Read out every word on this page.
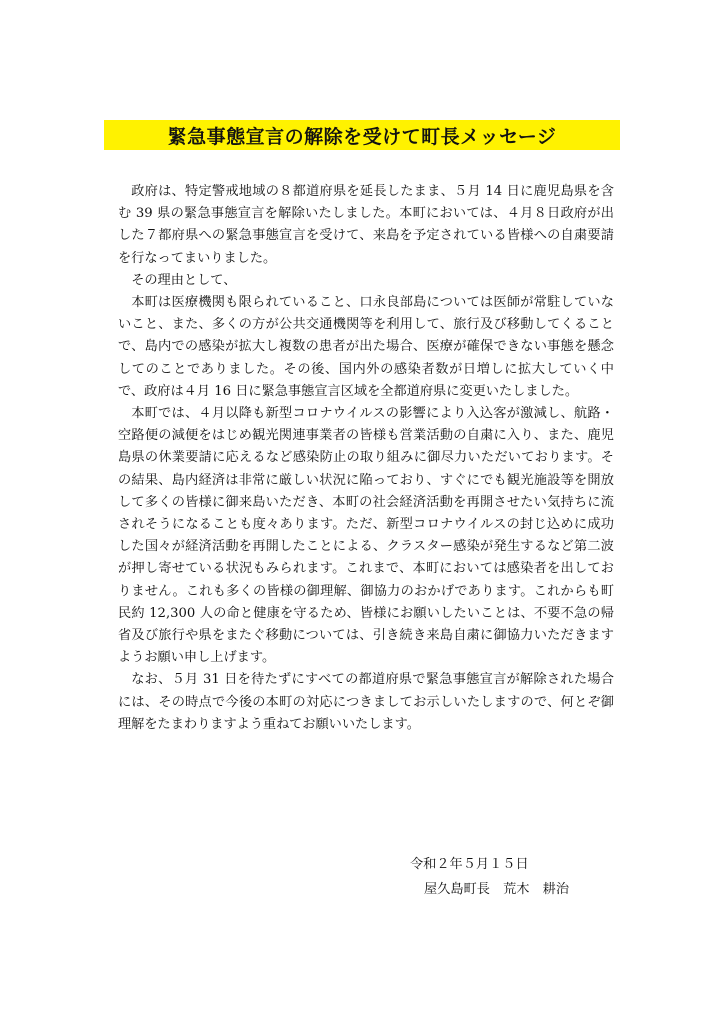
緊急事態宣言の解除を受けて町長メッセージ

政府は、特定警戒地域の８都道府県を延長したまま、５月 14 日に鹿児島県を含む 39 県の緊急事態宣言を解除いたしました。本町においては、４月８日政府が出した７都府県への緊急事態宣言を受けて、来島を予定されている皆様への自粛要請を行なってまいりました。

その理由として、

本町は医療機関も限られていること、口永良部島については医師が常駐していないこと、また、多くの方が公共交通機関等を利用して、旅行及び移動してくることで、島内での感染が拡大し複数の患者が出た場合、医療が確保できない事態を懸念してのことでありました。その後、国内外の感染者数が日増しに拡大していく中で、政府は４月 16 日に緊急事態宣言区域を全都道府県に変更いたしました。

本町では、４月以降も新型コロナウイルスの影響により入込客が激減し、航路・空路便の減便をはじめ観光関連事業者の皆様も営業活動の自粛に入り、また、鹿児島県の休業要請に応えるなど感染防止の取り組みに御尽力いただいております。その結果、島内経済は非常に厳しい状況に陥っており、すぐにでも観光施設等を開放して多くの皆様に御来島いただき、本町の社会経済活動を再開させたい気持ちに流されそうになることも度々あります。ただ、新型コロナウイルスの封じ込めに成功した国々が経済活動を再開したことによる、クラスター感染が発生するなど第二波が押し寄せている状況もみられます。これまで、本町においては感染者を出しておりません。これも多くの皆様の御理解、御協力のおかげであります。これからも町民約 12,300 人の命と健康を守るため、皆様にお願いしたいことは、不要不急の帰省及び旅行や県をまたぐ移動については、引き続き来島自粛に御協力いただきますようお願い申し上げます。

なお、５月 31 日を待たずにすべての都道府県で緊急事態宣言が解除された場合には、その時点で今後の本町の対応につきましてお示しいたしますので、何とぞ御理解をたまわりますよう重ねてお願いいたします。

令和２年５月１５日
屋久島町長　荒木　耕治
